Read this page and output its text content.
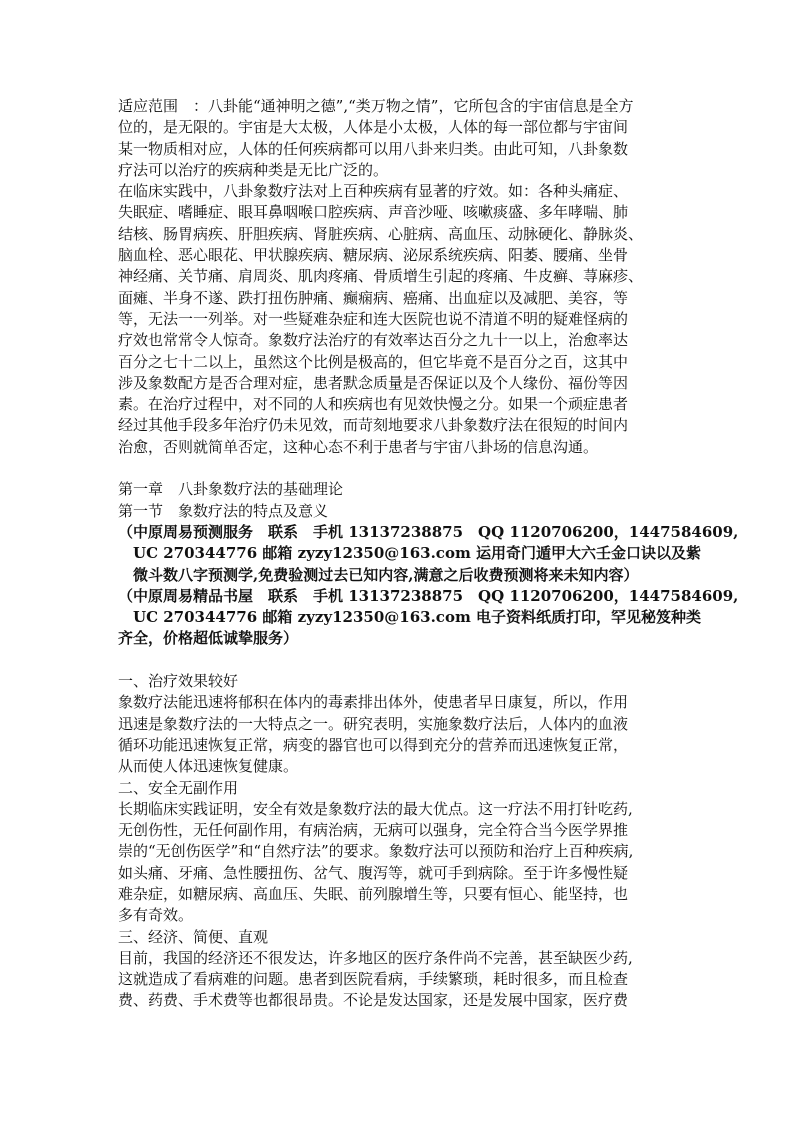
适应范围　：八卦能“通神明之德”,“类万物之情”，它所包含的宇宙信息是全方
位的，是无限的。宇宙是大太极，人体是小太极，人体的每一部位都与宇宙间
某一物质相对应，人体的任何疾病都可以用八卦来归类。由此可知，八卦象数
疗法可以治疗的疾病种类是无比广泛的。
在临床实践中，八卦象数疗法对上百种疾病有显著的疗效。如：各种头痛症、
失眠症、嗜睡症、眼耳鼻咽喉口腔疾病、声音沙哑、咳嗽痰盛、多年哮喘、肺
结核、肠胃病疾、肝胆疾病、肾脏疾病、心脏病、高血压、动脉硬化、静脉炎、
脑血栓、恶心眼花、甲状腺疾病、糖尿病、泌尿系统疾病、阳萎、腰痛、坐骨
神经痛、关节痛、肩周炎、肌肉疼痛、骨质增生引起的疼痛、牛皮癣、荨麻疹、
面瘫、半身不遂、跌打扭伤肿痛、癫痫病、癌痛、出血症以及减肥、美容，等
等，无法一一列举。对一些疑难杂症和连大医院也说不清道不明的疑难怪病的
疗效也常常令人惊奇。象数疗法治疗的有效率达百分之九十一以上，治愈率达
百分之七十二以上，虽然这个比例是极高的，但它毕竟不是百分之百，这其中
涉及象数配方是否合理对症，患者默念质量是否保证以及个人缘份、福份等因
素。在治疗过程中，对不同的人和疾病也有见效快慢之分。如果一个顽症患者
经过其他手段多年治疗仍未见效，而苛刻地要求八卦象数疗法在很短的时间内
治愈，否则就简单否定，这种心态不利于患者与宇宙八卦场的信息沟通。
第一章　八卦象数疗法的基础理论
第一节　象数疗法的特点及意义
（中原周易预测服务　联系　手机 13137238875　QQ 1120706200，1447584609,
　UC 270344776 邮箱 zyzy12350@163.com 运用奇门遁甲大六壬金口诀以及紫
　微斗数八字预测学,免费验测过去已知内容,满意之后收费预测将来未知内容）
（中原周易精品书屋　联系　手机 13137238875　QQ 1120706200，1447584609,
　UC 270344776 邮箱 zyzy12350@163.com 电子资料纸质打印，罕见秘笈种类
齐全，价格超低诚挚服务）
一、治疗效果较好
象数疗法能迅速将郁积在体内的毒素排出体外，使患者早日康复，所以，作用
迅速是象数疗法的一大特点之一。研究表明，实施象数疗法后，人体内的血液
循环功能迅速恢复正常，病变的器官也可以得到充分的营养而迅速恢复正常，
从而使人体迅速恢复健康。
二、安全无副作用
长期临床实践证明，安全有效是象数疗法的最大优点。这一疗法不用打针吃药,
无创伤性，无任何副作用，有病治病，无病可以强身，完全符合当今医学界推
崇的“无创伤医学”和“自然疗法”的要求。象数疗法可以预防和治疗上百种疾病,
如头痛、牙痛、急性腰扭伤、岔气、腹泻等，就可手到病除。至于许多慢性疑
难杂症，如糖尿病、高血压、失眠、前列腺增生等，只要有恒心、能坚持，也
多有奇效。
三、经济、简便、直观
目前，我国的经济还不很发达，许多地区的医疗条件尚不完善，甚至缺医少药,
这就造成了看病难的问题。患者到医院看病，手续繁琐，耗时很多，而且检查
费、药费、手术费等也都很昂贵。不论是发达国家，还是发展中国家，医疗费
